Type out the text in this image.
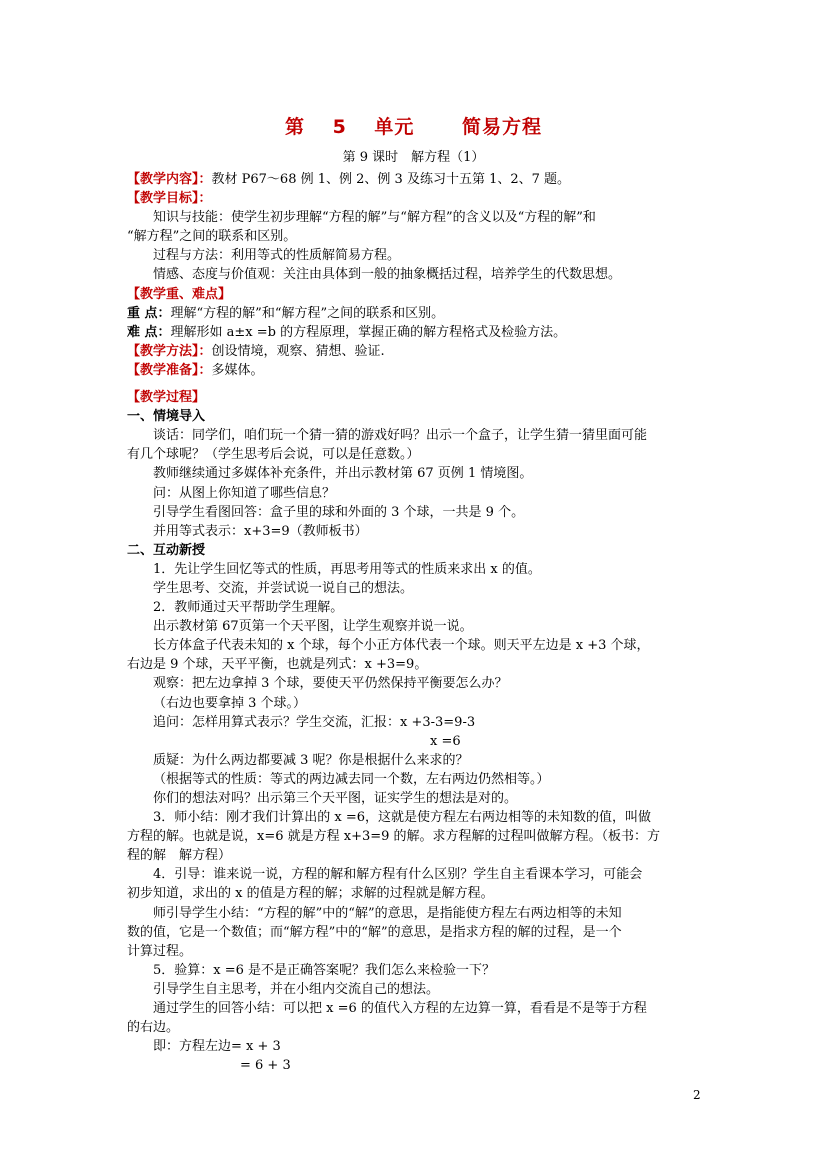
第 5 单元　 简易方程
第 9 课时　解方程（1）

【教学内容】：教材 P67～68 例 1、例 2、例 3 及练习十五第 1、2、7 题。

【教学目标】：

知识与技能：使学生初步理解“方程的解”与“解方程”的含义以及“方程的解”和

“解方程”之间的联系和区别。

过程与方法：利用等式的性质解简易方程。

情感、态度与价值观：关注由具体到一般的抽象概括过程，培养学生的代数思想。

【教学重、难点】

重 点：理解“方程的解”和“解方程”之间的联系和区别。

难 点：理解形如 a±x =b 的方程原理，掌握正确的解方程格式及检验方法。

【教学方法】：创设情境，观察、猜想、验证.

【教学准备】：多媒体。

【教学过程】

一、情境导入

谈话：同学们，咱们玩一个猜一猜的游戏好吗？出示一个盒子，让学生猜一猜里面可能

有几个球呢？（学生思考后会说，可以是任意数。）

教师继续通过多媒体补充条件，并出示教材第 67 页例 1 情境图。

问：从图上你知道了哪些信息？

引导学生看图回答：盒子里的球和外面的 3 个球，一共是 9 个。

并用等式表示：x+3=9（教师板书）

二、互动新授

1．先让学生回忆等式的性质，再思考用等式的性质来求出 x 的值。

学生思考、交流，并尝试说一说自己的想法。

2．教师通过天平帮助学生理解。

出示教材第 67页第一个天平图，让学生观察并说一说。

长方体盒子代表未知的 x 个球，每个小正方体代表一个球。则天平左边是 x +3 个球，

右边是 9 个球，天平平衡，也就是列式：x +3=9。

观察：把左边拿掉 3 个球，要使天平仍然保持平衡要怎么办？

（右边也要拿掉 3 个球。）

追问：怎样用算式表示？学生交流，汇报：x +3-3=9-3

x =6

质疑：为什么两边都要减 3 呢？你是根据什么来求的？

（根据等式的性质：等式的两边减去同一个数，左右两边仍然相等。）

你们的想法对吗？出示第三个天平图，证实学生的想法是对的。

3．师小结：刚才我们计算出的 x =6，这就是使方程左右两边相等的未知数的值，叫做

方程的解。也就是说，x=6 就是方程 x+3=9 的解。求方程解的过程叫做解方程。（板书：方

程的解　解方程）

4．引导：谁来说一说，方程的解和解方程有什么区别？学生自主看课本学习，可能会

初步知道，求出的 x 的值是方程的解；求解的过程就是解方程。

师引导学生小结：“方程的解”中的“解”的意思，是指能使方程左右两边相等的未知

数的值，它是一个数值；而“解方程”中的“解”的意思，是指求方程的解的过程，是一个

计算过程。

5．验算：x =6 是不是正确答案呢？我们怎么来检验一下？

引导学生自主思考，并在小组内交流自己的想法。

通过学生的回答小结：可以把 x =6 的值代入方程的左边算一算，看看是不是等于方程

的右边。

即：方程左边= x + 3

= 6 + 3

2
